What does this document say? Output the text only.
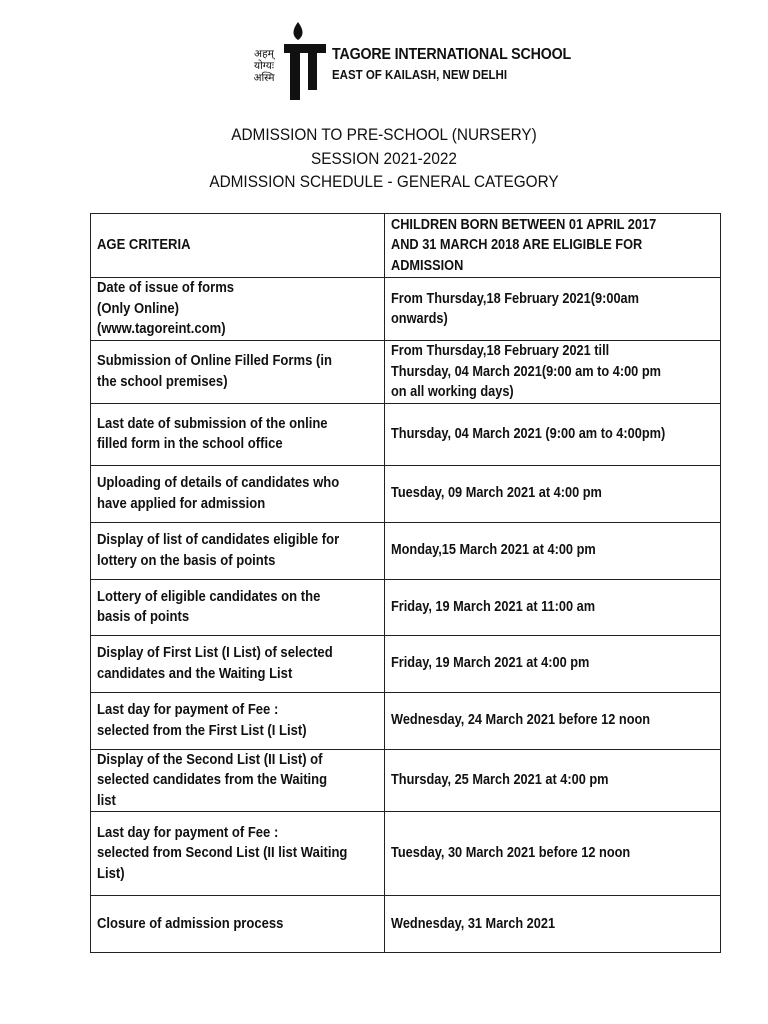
अहम्
योग्यः
अस्मि
TAGORE INTERNATIONAL SCHOOL
EAST OF KAILASH, NEW DELHI
ADMISSION TO PRE-SCHOOL (NURSERY)
SESSION 2021-2022
ADMISSION SCHEDULE - GENERAL CATEGORY
AGE CRITERIA	CHILDREN BORN BETWEEN 01 APRIL 2017
AND 31 MARCH 2018 ARE ELIGIBLE FOR
ADMISSION

Date of issue of forms
(Only Online)
(www.tagoreint.com)	From Thursday,18 February 2021(9:00am
onwards)

Submission of Online Filled Forms (in
the school premises)	From Thursday,18 February 2021 till
Thursday, 04 March 2021(9:00 am to 4:00 pm
on all working days)

Last date of submission of the online
filled form in the school office	Thursday, 04 March 2021 (9:00 am to 4:00pm)

Uploading of details of candidates who
have applied for admission	Tuesday, 09 March 2021 at 4:00 pm

Display of list of candidates eligible for
lottery on the basis of points	Monday,15 March 2021 at 4:00 pm

Lottery of eligible candidates on the
basis of points	Friday, 19 March 2021 at 11:00 am

Display of First List (I List) of selected
candidates and the Waiting List	Friday, 19 March 2021 at 4:00 pm

Last day for payment of Fee :
selected from the First List (I List)	Wednesday, 24 March 2021 before 12 noon

Display of the Second List (II List) of
selected candidates from the Waiting
list	Thursday, 25 March 2021 at 4:00 pm

Last day for payment of Fee :
selected from Second List (II list Waiting
List)	Tuesday, 30 March 2021 before 12 noon

Closure of admission process	Wednesday, 31 March 2021
